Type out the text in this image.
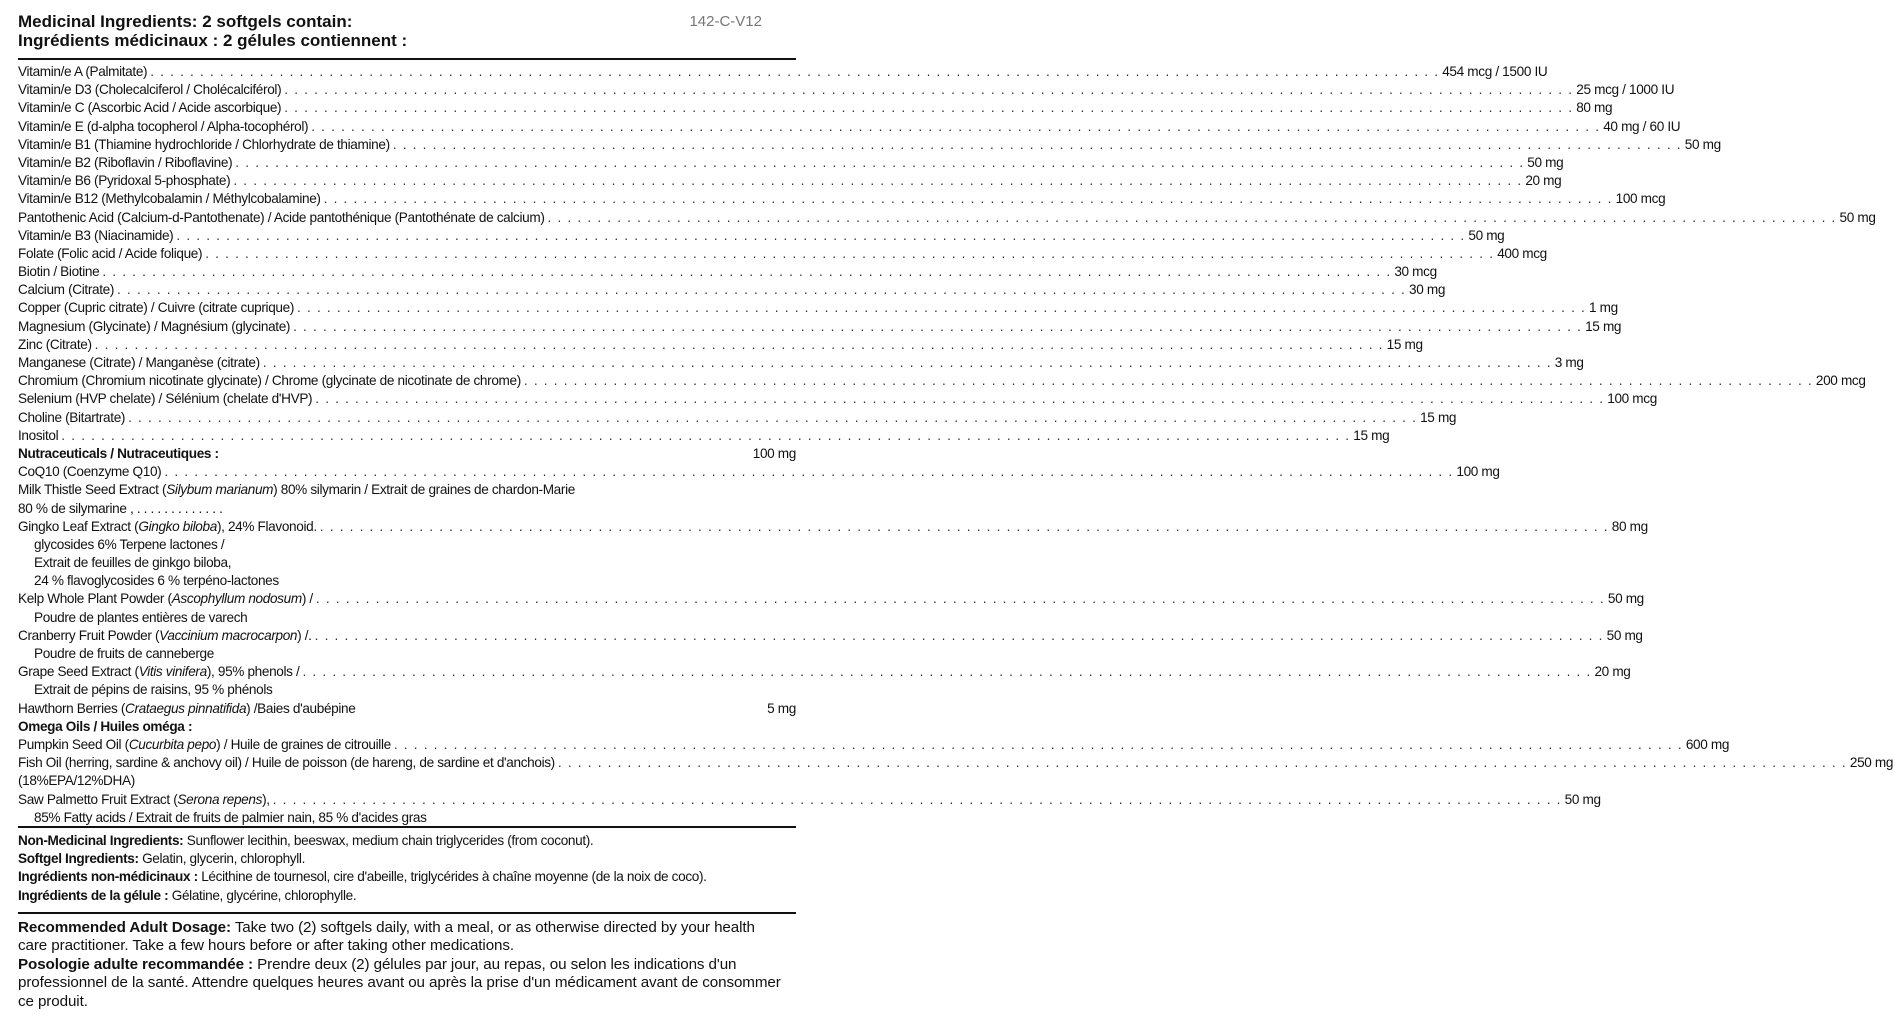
Medicinal Ingredients: 2 softgels contain:
Ingrédients médicinaux : 2 gélules contiennent :
142-C-V12
Vitamin/e A (Palmitate) . . .	454 mcg / 1500 IU
Vitamin/e D3 (Cholecalciferol / Cholécalciférol) . . .	25 mcg / 1000 IU
Vitamin/e C (Ascorbic Acid / Acide ascorbique) . . .	80 mg
Vitamin/e E (d-alpha tocopherol / Alpha-tocophérol) . . .	40 mg / 60 IU
Vitamin/e B1 (Thiamine hydrochloride / Chlorhydrate de thiamine) . . .	50 mg
Vitamin/e B2 (Riboflavin / Riboflavine) . . .	50 mg
Vitamin/e B6 (Pyridoxal 5-phosphate) . . .	20 mg
Vitamin/e B12 (Methylcobalamin / Méthylcobalamine) . . .	100 mcg
Pantothenic Acid (Calcium-d-Pantothenate) / Acide pantothénique (Pantothénate de calcium) . . .	50 mg
Vitamin/e B3 (Niacinamide) . . .	50 mg
Folate (Folic acid / Acide folique) . . .	400 mcg
Biotin / Biotine . . .	30 mcg
Calcium (Citrate) . . .	30 mg
Copper (Cupric citrate) / Cuivre (citrate cuprique) . . .	1 mg
Magnesium (Glycinate) / Magnésium (glycinate) . . .	15 mg
Zinc (Citrate) . . .	15 mg
Manganese (Citrate) / Manganèse (citrate) . . .	3 mg
Chromium (Chromium nicotinate glycinate) / Chrome (glycinate de nicotinate de chrome) . . .	200 mcg
Selenium (HVP chelate) / Sélénium (chelate d'HVP) . . .	100 mcg
Choline (Bitartrate) . . .	15 mg
Inositol . . .	15 mg
Nutraceuticals / Nutraceutiques :	100 mg
CoQ10 (Coenzyme Q10) . . .	100 mg
Milk Thistle Seed Extract (Silybum marianum) 80% silymarin / Extrait de graines de chardon-Marie
80 % de silymarine , . . . . . . . . . . . . .
Gingko Leaf Extract (Gingko biloba), 24% Flavonoid. . . .	80 mg
glycosides 6% Terpene lactones /
Extrait de feuilles de ginkgo biloba,
24 % flavoglycosides 6 % terpéno-lactones
Kelp Whole Plant Powder (Ascophyllum nodosum) / . . .	50 mg
Poudre de plantes entières de varech
Cranberry Fruit Powder (Vaccinium macrocarpon) /. . . .	50 mg
Poudre de fruits de canneberge
Grape Seed Extract (Vitis vinifera), 95% phenols / . . .	20 mg
Extrait de pépins de raisins, 95 % phénols
Hawthorn Berries (Crataegus pinnatifida) /Baies d'aubépine	5 mg
Omega Oils / Huiles oméga :
Pumpkin Seed Oil (Cucurbita pepo) / Huile de graines de citrouille . . .	600 mg
Fish Oil (herring, sardine & anchovy oil) / Huile de poisson (de hareng, de sardine et d'anchois) . . .	250 mg
(18%EPA/12%DHA)
Saw Palmetto Fruit Extract (Serona repens), . . .	50 mg
85% Fatty acids / Extrait de fruits de palmier nain, 85 % d'acides gras
Non-Medicinal Ingredients: Sunflower lecithin, beeswax, medium chain triglycerides (from coconut).
Softgel Ingredients: Gelatin, glycerin, chlorophyll.
Ingrédients non-médicinaux : Lécithine de tournesol, cire d'abeille, triglycérides à chaîne moyenne (de la noix de coco).
Ingrédients de la gélule : Gélatine, glycérine, chlorophylle.

Recommended Adult Dosage: Take two (2) softgels daily, with a meal, or as otherwise directed by your health care practitioner. Take a few hours before or after taking other medications.

Posologie adulte recommandée : Prendre deux (2) gélules par jour, au repas, ou selon les indications d'un professionnel de la santé. Attendre quelques heures avant ou après la prise d'un médicament avant de consommer ce produit.
